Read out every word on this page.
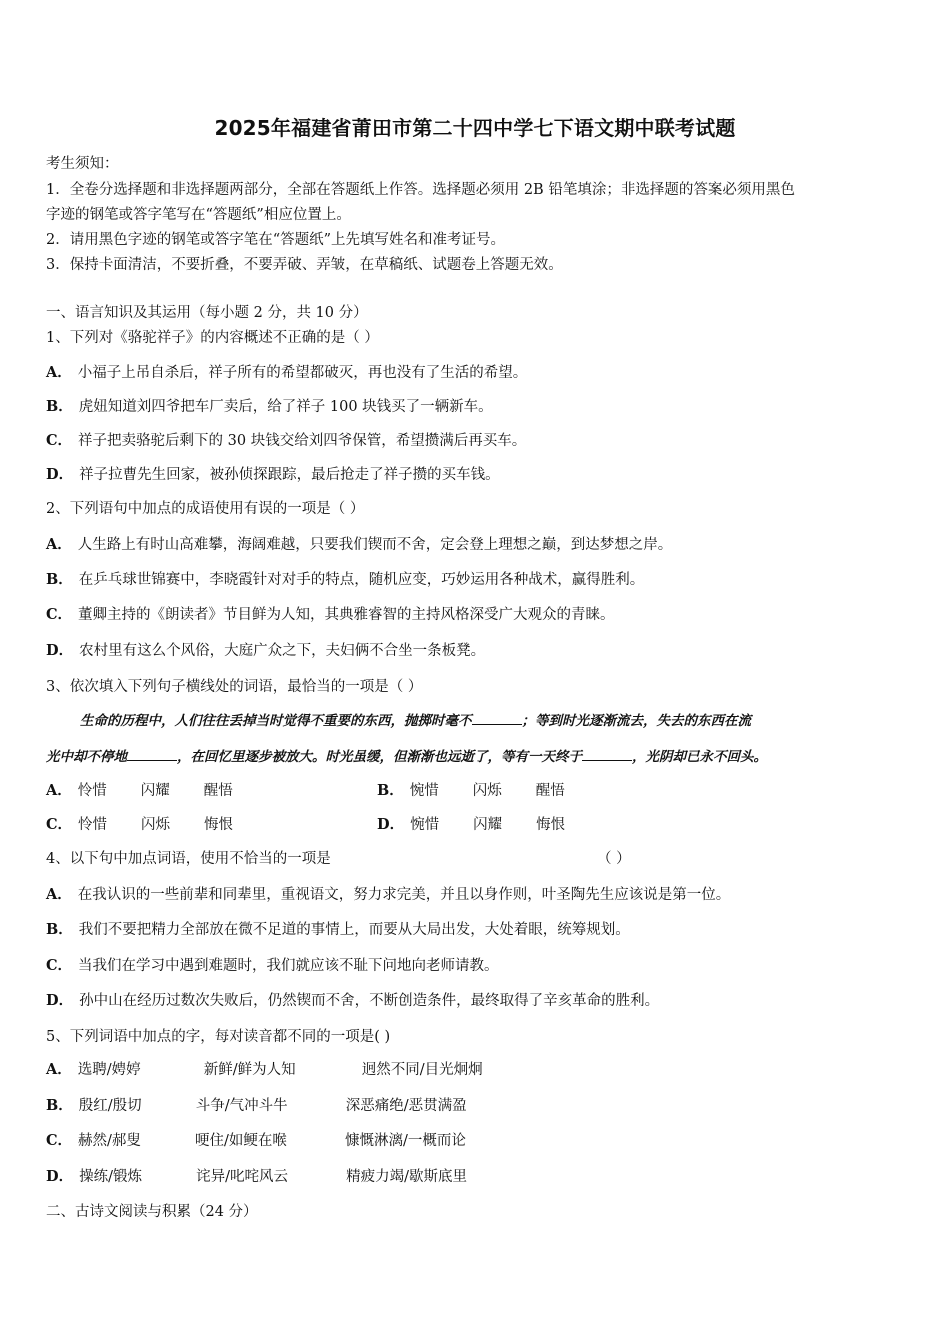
2025年福建省莆田市第二十四中学七下语文期中联考试题
考生须知：
1．全卷分选择题和非选择题两部分，全部在答题纸上作答。选择题必须用 2B 铅笔填涂；非选择题的答案必须用黑色
字迹的钢笔或答字笔写在“答题纸”相应位置上。
2．请用黑色字迹的钢笔或答字笔在“答题纸”上先填写姓名和准考证号。
3．保持卡面清洁，不要折叠，不要弄破、弄皱，在草稿纸、试题卷上答题无效。
一、语言知识及其运用（每小题 2 分，共 10 分）
1、下列对《骆驼祥子》的内容概述不正确的是（ ）
A． 小福子上吊自杀后，祥子所有的希望都破灭，再也没有了生活的希望。
B． 虎妞知道刘四爷把车厂卖后，给了祥子 100 块钱买了一辆新车。
C． 祥子把卖骆驼后剩下的 30 块钱交给刘四爷保管，希望攒满后再买车。
D． 祥子拉曹先生回家，被孙侦探跟踪，最后抢走了祥子攒的买车钱。
2、下列语句中加点的成语使用有误的一项是（ ）
A． 人生路上有时山高难攀，海阔难越，只要我们锲而不舍，定会登上理想之巅，到达梦想之岸。
B． 在乒乓球世锦赛中，李晓霞针对对手的特点，随机应变，巧妙运用各种战术，赢得胜利。
C． 董卿主持的《朗读者》节目鲜为人知，其典雅睿智的主持风格深受广大观众的青睐。
D． 农村里有这么个风俗，大庭广众之下，夫妇俩不合坐一条板凳。
3、依次填入下列句子横线处的词语，最恰当的一项是（ ）
生命的历程中，人们往往丢掉当时觉得不重要的东西，抛掷时毫不	；等到时光逐渐流去，失去的东西在流
光中却不停地	，在回忆里逐步被放大。时光虽缓，但渐渐也远逝了，等有一天终于	，光阴却已永不回头。
A． 怜惜 闪耀 醒悟	B． 惋惜 闪烁 醒悟
C． 怜惜 闪烁 悔恨	D． 惋惜 闪耀 悔恨
4、以下句中加点词语，使用不恰当的一项是	（ ）
A． 在我认识的一些前辈和同辈里，重视语文，努力求完美，并且以身作则，叶圣陶先生应该说是第一位。
B． 我们不要把精力全部放在微不足道的事情上，而要从大局出发，大处着眼，统筹规划。
C． 当我们在学习中遇到难题时，我们就应该不耻下问地向老师请教。
D． 孙中山在经历过数次失败后，仍然锲而不舍，不断创造条件，最终取得了辛亥革命的胜利。
5、下列词语中加点的字，每对读音都不同的一项是( )
A． 选聘/娉婷	新鲜/鲜为人知	迥然不同/目光炯炯
B． 殷红/殷切	斗争/气冲斗牛	深恶痛绝/恶贯满盈
C． 赫然/郝叟	哽住/如鲠在喉	慷慨淋漓/一概而论
D． 操练/锻炼	诧异/叱咤风云	精疲力竭/歇斯底里
二、古诗文阅读与积累（24 分）
